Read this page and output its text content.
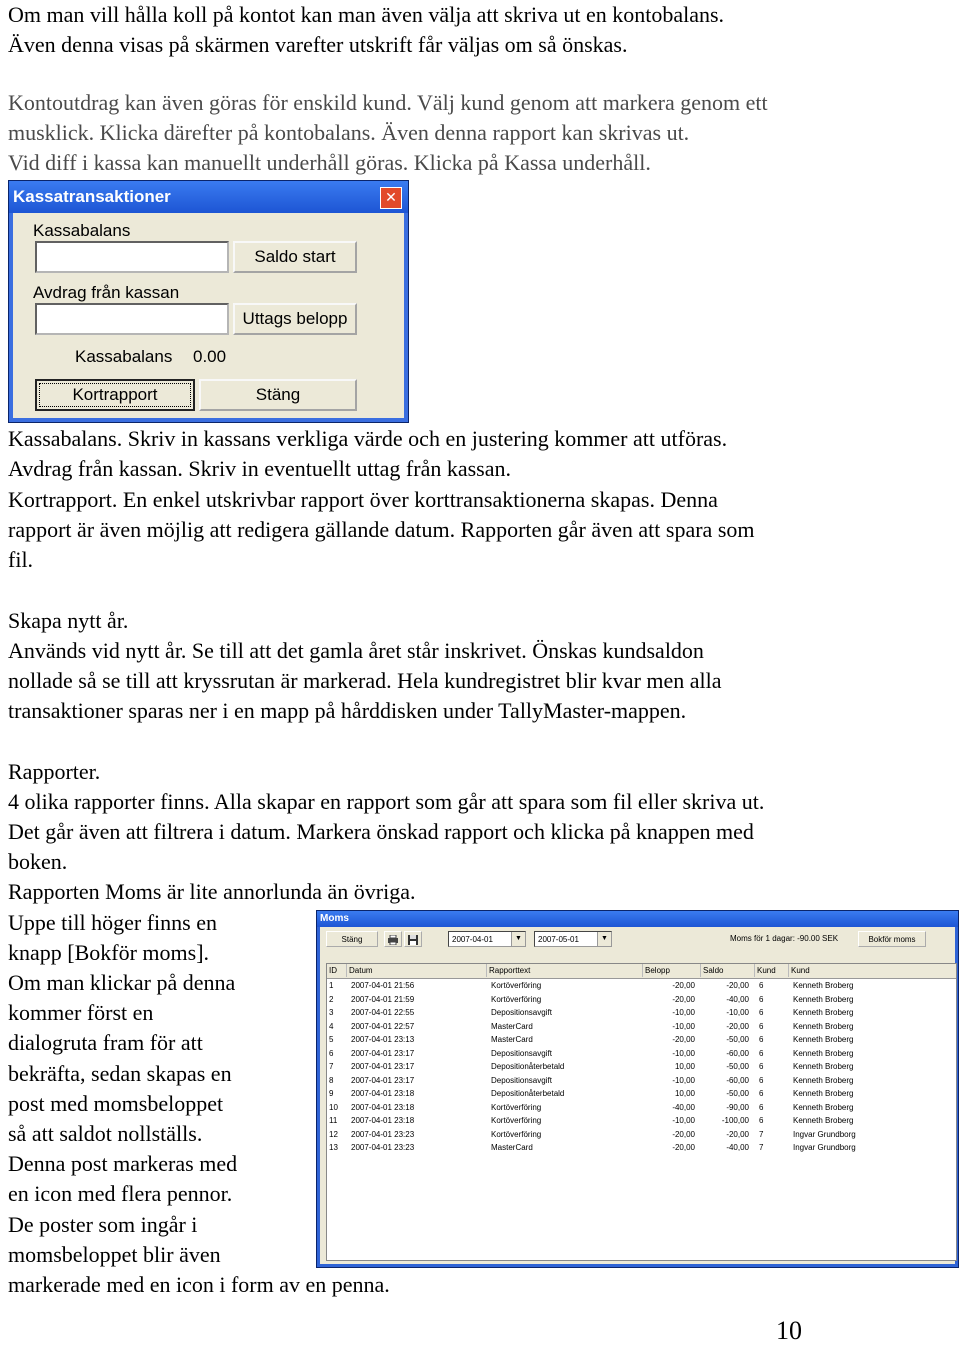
Om man vill hålla koll på kontot kan man även välja att skriva ut en kontobalans.
Även denna visas på skärmen varefter utskrift får väljas om så önskas.
Kontoutdrag kan även göras för enskild kund. Välj kund genom att markera genom ett
musklick. Klicka därefter på kontobalans. Även denna rapport kan skrivas ut.
Vid diff i kassa kan manuellt underhåll göras. Klicka på Kassa underhåll.
Kassatransaktioner	✕
Kassabalans
Saldo start
Avdrag från kassan
Uttags belopp
Kassabalans 0.00
Kortrapport	Stäng
Kassabalans. Skriv in kassans verkliga värde och en justering kommer att utföras.
Avdrag från kassan. Skriv in eventuellt uttag från kassan.
Kortrapport. En enkel utskrivbar rapport över korttransaktionerna skapas. Denna
rapport är även möjlig att redigera gällande datum. Rapporten går även att spara som
fil.
Skapa nytt år.
Används vid nytt år. Se till att det gamla året står inskrivet. Önskas kundsaldon
nollade så se till att kryssrutan är markerad. Hela kundregistret blir kvar men alla
transaktioner sparas ner i en mapp på hårddisken under TallyMaster-mappen.
Rapporter.
4 olika rapporter finns. Alla skapar en rapport som går att spara som fil eller skriva ut.
Det går även att filtrera i datum. Markera önskad rapport och klicka på knappen med
boken.
Rapporten Moms är lite annorlunda än övriga.
Uppe till höger finns en
knapp [Bokför moms].
Om man klickar på denna
kommer först en
dialogruta fram för att
bekräfta, sedan skapas en
post med momsbeloppet
så att saldot nollställs.
Denna post markeras med
en icon med flera pennor.
De poster som ingår i
momsbeloppet blir även
markerade med en icon i form av en penna.
Moms
Stäng	2007-04-01	▼	2007-05-01	▼	Moms för 1 dagar: -90.00 SEK	Bokför moms
ID	Datum	Rapporttext	Belopp	Saldo	Kund	Kund
1	2007-04-01 21:56	Kortöverföring	-20,00	-20,00 6	Kenneth Broberg
2	2007-04-01 21:59	Kortöverföring	-20,00	-40,00 6	Kenneth Broberg
3	2007-04-01 22:55	Depositionsavgift	-10,00	-10,00 6	Kenneth Broberg
4	2007-04-01 22:57	MasterCard	-10,00	-20,00 6	Kenneth Broberg
5	2007-04-01 23:13	MasterCard	-20,00	-50,00 6	Kenneth Broberg
6	2007-04-01 23:17	Depositionsavgift	-10,00	-60,00 6	Kenneth Broberg
7	2007-04-01 23:17	Depositionåterbetald	10,00	-50,00 6	Kenneth Broberg
8	2007-04-01 23:17	Depositionsavgift	-10,00	-60,00 6	Kenneth Broberg
9	2007-04-01 23:18	Depositionåterbetald	10,00	-50,00 6	Kenneth Broberg
10	2007-04-01 23:18	Kortöverföring	-40,00	-90,00 6	Kenneth Broberg
11	2007-04-01 23:18	Kortöverföring	-10,00	-100,00 6	Kenneth Broberg
12	2007-04-01 23:23	Kortöverföring	-20,00	-20,00 7	Ingvar Grundborg
13	2007-04-01 23:23	MasterCard	-20,00	-40,00 7	Ingvar Grundborg
10
